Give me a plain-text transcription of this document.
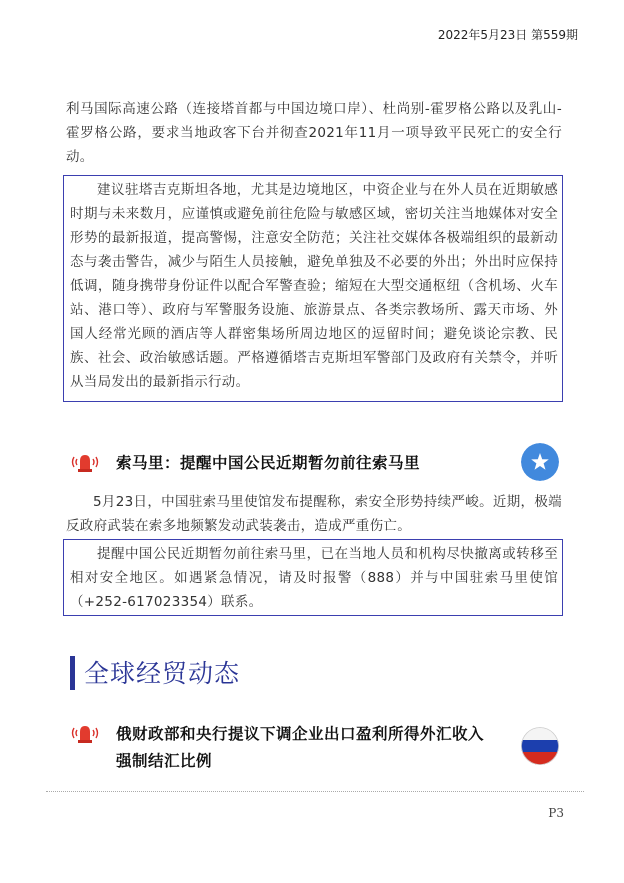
2022年5月23日 第559期
利马国际高速公路（连接塔首都与中国边境口岸）、杜尚别-霍罗格公路以及乳山-霍罗格公路，要求当地政客下台并彻查2021年11月一项导致平民死亡的安全行动。
建议驻塔吉克斯坦各地，尤其是边境地区，中资企业与在外人员在近期敏感时期与未来数月，应谨慎或避免前往危险与敏感区域，密切关注当地媒体对安全形势的最新报道，提高警惕，注意安全防范；关注社交媒体各极端组织的最新动态与袭击警告，减少与陌生人员接触，避免单独及不必要的外出；外出时应保持低调，随身携带身份证件以配合军警查验；缩短在大型交通枢纽（含机场、火车站、港口等）、政府与军警服务设施、旅游景点、各类宗教场所、露天市场、外国人经常光顾的酒店等人群密集场所周边地区的逗留时间；避免谈论宗教、民族、社会、政治敏感话题。严格遵循塔吉克斯坦军警部门及政府有关禁令，并听从当局发出的最新指示行动。
索马里：提醒中国公民近期暂勿前往索马里
5月23日，中国驻索马里使馆发布提醒称，索安全形势持续严峻。近期，极端反政府武装在索多地频繁发动武装袭击，造成严重伤亡。
提醒中国公民近期暂勿前往索马里，已在当地人员和机构尽快撤离或转移至相对安全地区。如遇紧急情况，请及时报警（888）并与中国驻索马里使馆（+252-617023354）联系。
全球经贸动态
俄财政部和央行提议下调企业出口盈利所得外汇收入
强制结汇比例
P3
